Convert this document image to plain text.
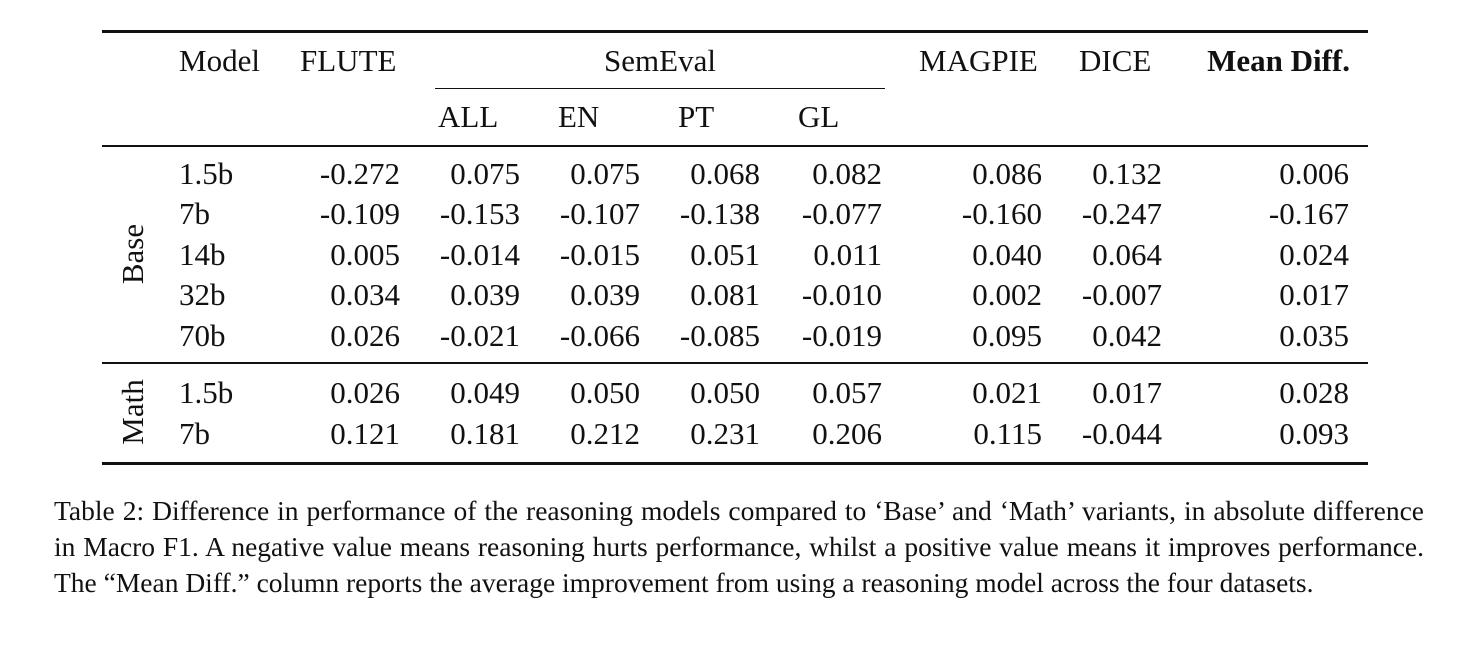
Model FLUTE	SemEval	MAGPIE DICE Mean Diff.
ALL EN	PT	GL
Base
Math
1.5b	-0.272 0.075 0.075 0.068 0.082	0.086 0.132	0.006
7b	-0.109 -0.153 -0.107 -0.138 -0.077	-0.160 -0.247	-0.167
14b	0.005 -0.014 -0.015 0.051 0.011	0.040 0.064	0.024
32b	0.034 0.039 0.039 0.081 -0.010	0.002 -0.007	0.017
70b	0.026 -0.021 -0.066 -0.085 -0.019	0.095 0.042	0.035
1.5b	0.026 0.049 0.050 0.050 0.057	0.021 0.017	0.028
7b	0.121 0.181 0.212 0.231 0.206	0.115 -0.044	0.093
Table 2: Difference in performance of the reasoning models compared to ‘Base’ and ‘Math’ variants, in absolute difference in Macro F1. A negative value means reasoning hurts performance, whilst a positive value means it improves performance. The “Mean Diff.” column reports the average improvement from using a reasoning model across the four datasets.
